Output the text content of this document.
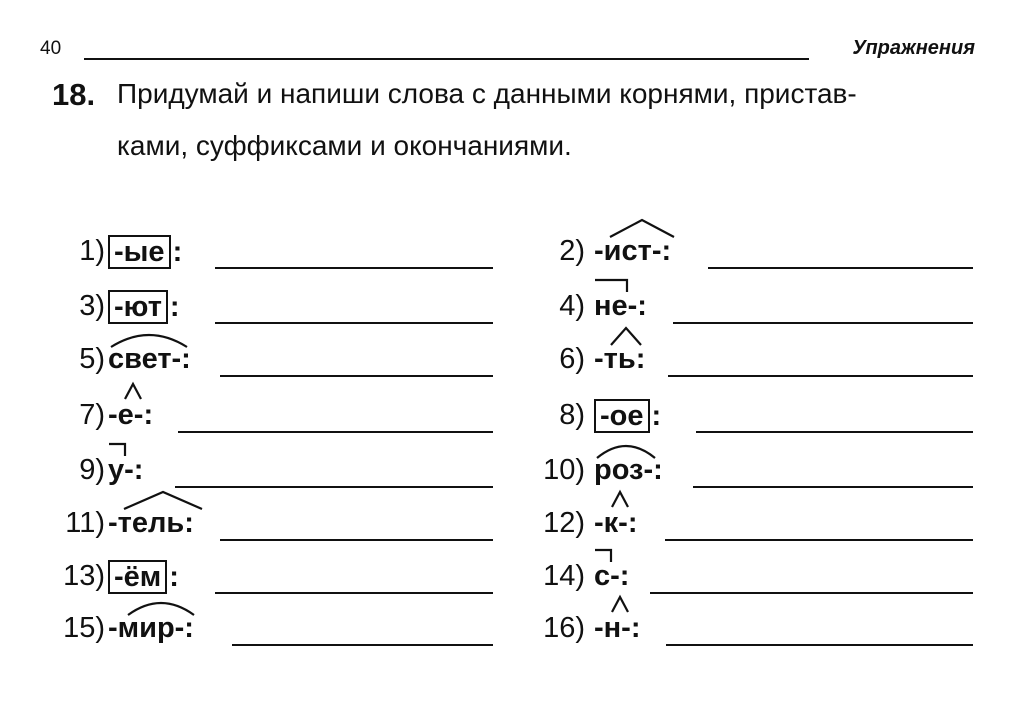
40	Упражнения
18. Придумай и напиши слова с данными корнями, пристав-
ками, суффиксами и окончаниями.
1) -ые :
3) -ют :
5) свет-:
7) -е-:
9) у-:
11) -тель:
13) -ём :
15) -мир-:
2) -ист-:
4) не-:
6) -ть:
8) -ое :
10) роз-:
12) -к-:
14) с-:
16) -н-:
